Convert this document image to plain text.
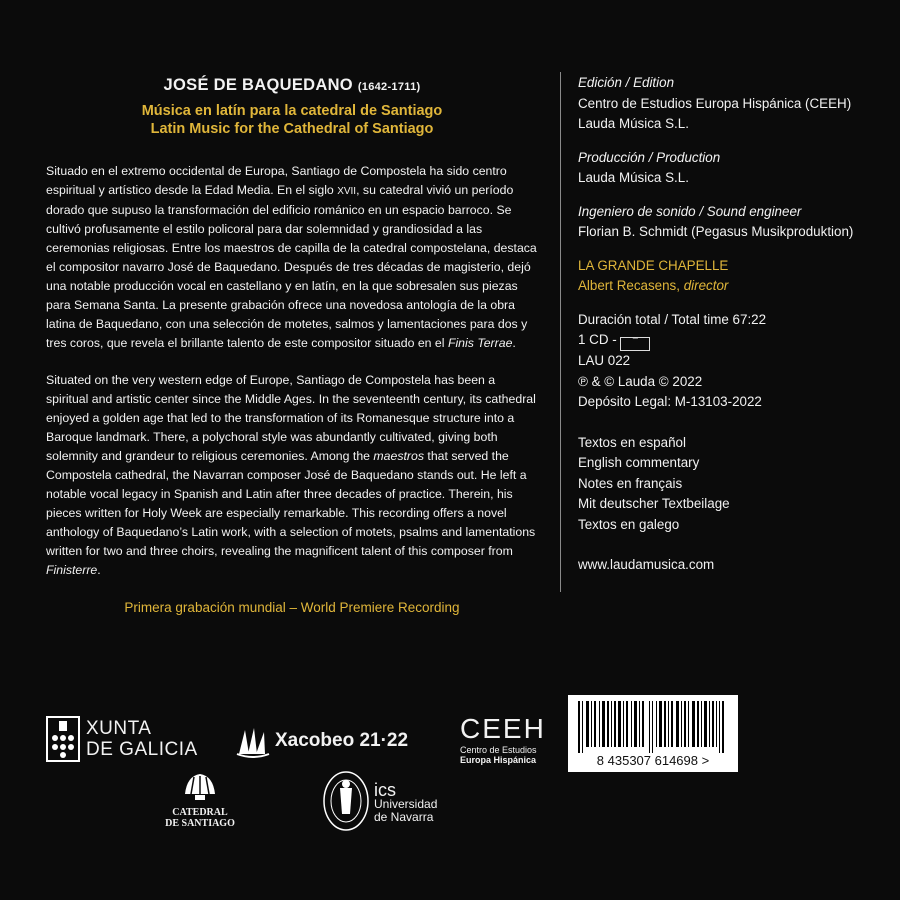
JOSÉ DE BAQUEDANO (1642-1711)
Música en latín para la catedral de Santiago
Latin Music for the Cathedral of Santiago
Situado en el extremo occidental de Europa, Santiago de Compostela ha sido centro espiritual y artístico desde la Edad Media. En el siglo XVII, su catedral vivió un período dorado que supuso la transformación del edificio románico en un espacio barroco. Se cultivó profusamente el estilo policoral para dar solemnidad y grandiosidad a las ceremonias religiosas. Entre los maestros de capilla de la catedral compostelana, destaca el compositor navarro José de Baquedano. Después de tres décadas de magisterio, dejó una notable producción vocal en castellano y en latín, en la que sobresalen sus piezas para Semana Santa. La presente grabación ofrece una novedosa antología de la obra latina de Baquedano, con una selección de motetes, salmos y lamentaciones para dos y tres coros, que revela el brillante talento de este compositor situado en el Finis Terrae.
Situated on the very western edge of Europe, Santiago de Compostela has been a spiritual and artistic center since the Middle Ages. In the seventeenth century, its cathedral enjoyed a golden age that led to the transformation of its Romanesque structure into a Baroque landmark. There, a polychoral style was abundantly cultivated, giving both solemnity and grandeur to religious ceremonies. Among the maestros that served the Compostela cathedral, the Navarran composer José de Baquedano stands out. He left a notable vocal legacy in Spanish and Latin after three decades of practice. Therein, his pieces written for Holy Week are especially remarkable. This recording offers a novel anthology of Baquedano’s Latin work, with a selection of motets, psalms and lamentations written for two and three choirs, revealing the magnificent talent of this composer from Finisterre.
Primera grabación mundial – World Premiere Recording
Edición / Edition
Centro de Estudios Europa Hispánica (CEEH)
Lauda Música S.L.
Producción / Production
Lauda Música S.L.
Ingeniero de sonido / Sound engineer
Florian B. Schmidt (Pegasus Musikproduktion)
LA GRANDE CHAPELLE
Albert Recasens, director
Duración total / Total time 67:22
1 CD - ¯
LAU 022
℗ & © Lauda © 2022
Depósito Legal: M-13103-2022
Textos en español
English commentary
Notes en français
Mit deutscher Textbeilage
Textos en galego
www.laudamusica.com
XUNTA
DE GALICIA	Xacobeo 21·22 CEEH
Centro de Estudios
Europa Hispánica	8 435307 614698 >
CATEDRAL
DE SANTIAGO
ics
Universidad
de Navarra
